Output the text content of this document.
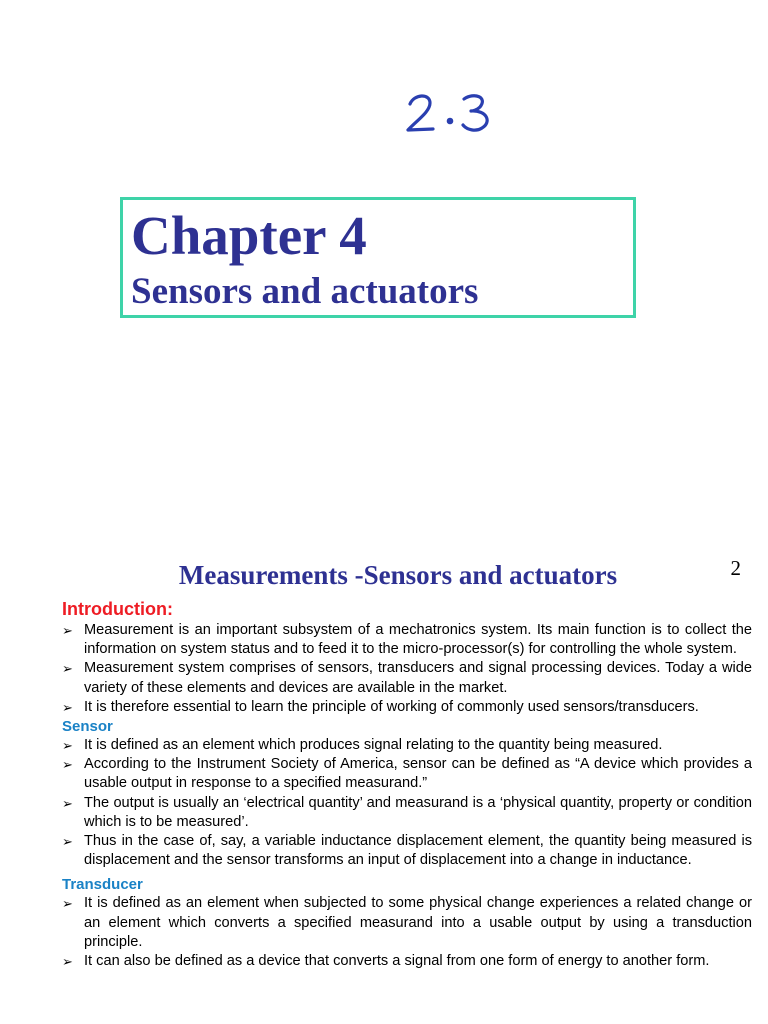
Chapter 4
Sensors and actuators
2
Measurements -Sensors and actuators
Introduction:
➢ Measurement is an important subsystem of a mechatronics system. Its main function is to collect the information on system status and to feed it to the micro-processor(s) for controlling the whole system.
➢ Measurement system comprises of sensors, transducers and signal processing devices. Today a wide variety of these elements and devices are available in the market.
➢ It is therefore essential to learn the principle of working of commonly used sensors/transducers.
Sensor
➢ It is defined as an element which produces signal relating to the quantity being measured.
➢ According to the Instrument Society of America, sensor can be defined as “A device which provides a usable output in response to a specified measurand.”
➢ The output is usually an ‘electrical quantity’ and measurand is a ‘physical quantity, property or condition which is to be measured’.
➢ Thus in the case of, say, a variable inductance displacement element, the quantity being measured is displacement and the sensor transforms an input of displacement into a change in inductance.
Transducer
➢ It is defined as an element when subjected to some physical change experiences a related change or an element which converts a specified measurand into a usable output by using a transduction principle.
➢ It can also be defined as a device that converts a signal from one form of energy to another form.
